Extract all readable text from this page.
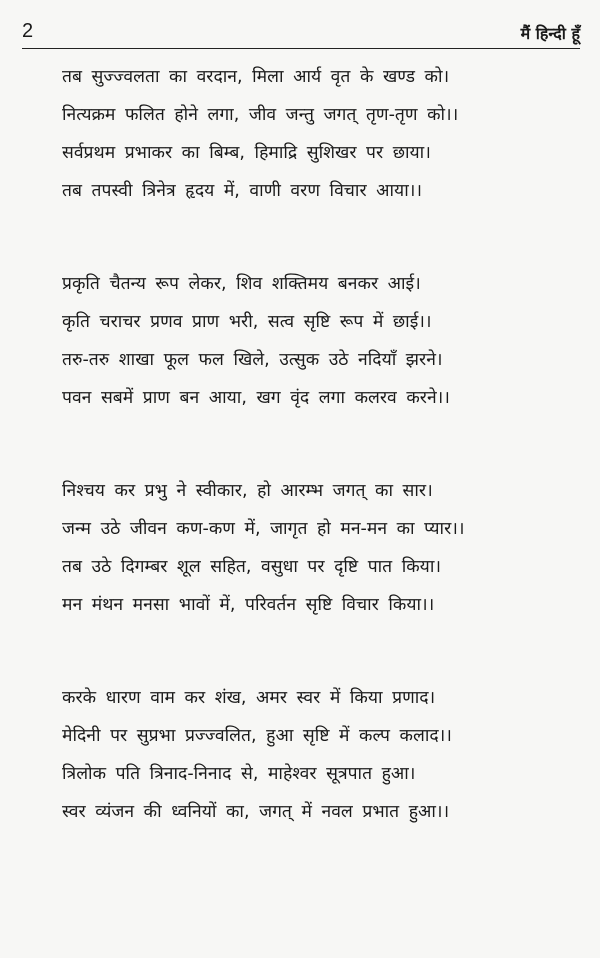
2	मैं हिन्दी हूँ
तब सुज्ज्वलता का वरदान, मिला आर्य वृत के खण्ड को।
नित्यक्रम फलित होने लगा, जीव जन्तु जगत् तृण-तृण को।।
सर्वप्रथम प्रभाकर का बिम्ब, हिमाद्रि सुशिखर पर छाया।
तब तपस्वी त्रिनेत्र हृदय में, वाणी वरण विचार आया।।
प्रकृति चैतन्य रूप लेकर, शिव शक्तिमय बनकर आई।
कृति चराचर प्रणव प्राण भरी, सत्व सृष्टि रूप में छाई।।
तरु-तरु शाखा फूल फल खिले, उत्सुक उठे नदियाँ झरने।
पवन सबमें प्राण बन आया, खग वृंद लगा कलरव करने।।
निश्चय कर प्रभु ने स्वीकार, हो आरम्भ जगत् का सार।
जन्म उठे जीवन कण-कण में, जागृत हो मन-मन का प्यार।।
तब उठे दिगम्बर शूल सहित, वसुधा पर दृष्टि पात किया।
मन मंथन मनसा भावों में, परिवर्तन सृष्टि विचार किया।।
करके धारण वाम कर शंख, अमर स्वर में किया प्रणाद।
मेदिनी पर सुप्रभा प्रज्ज्वलित, हुआ सृष्टि में कल्प कलाद।।
त्रिलोक पति त्रिनाद-निनाद से, माहेश्वर सूत्रपात हुआ।
स्वर व्यंजन की ध्वनियों का, जगत् में नवल प्रभात हुआ।।
